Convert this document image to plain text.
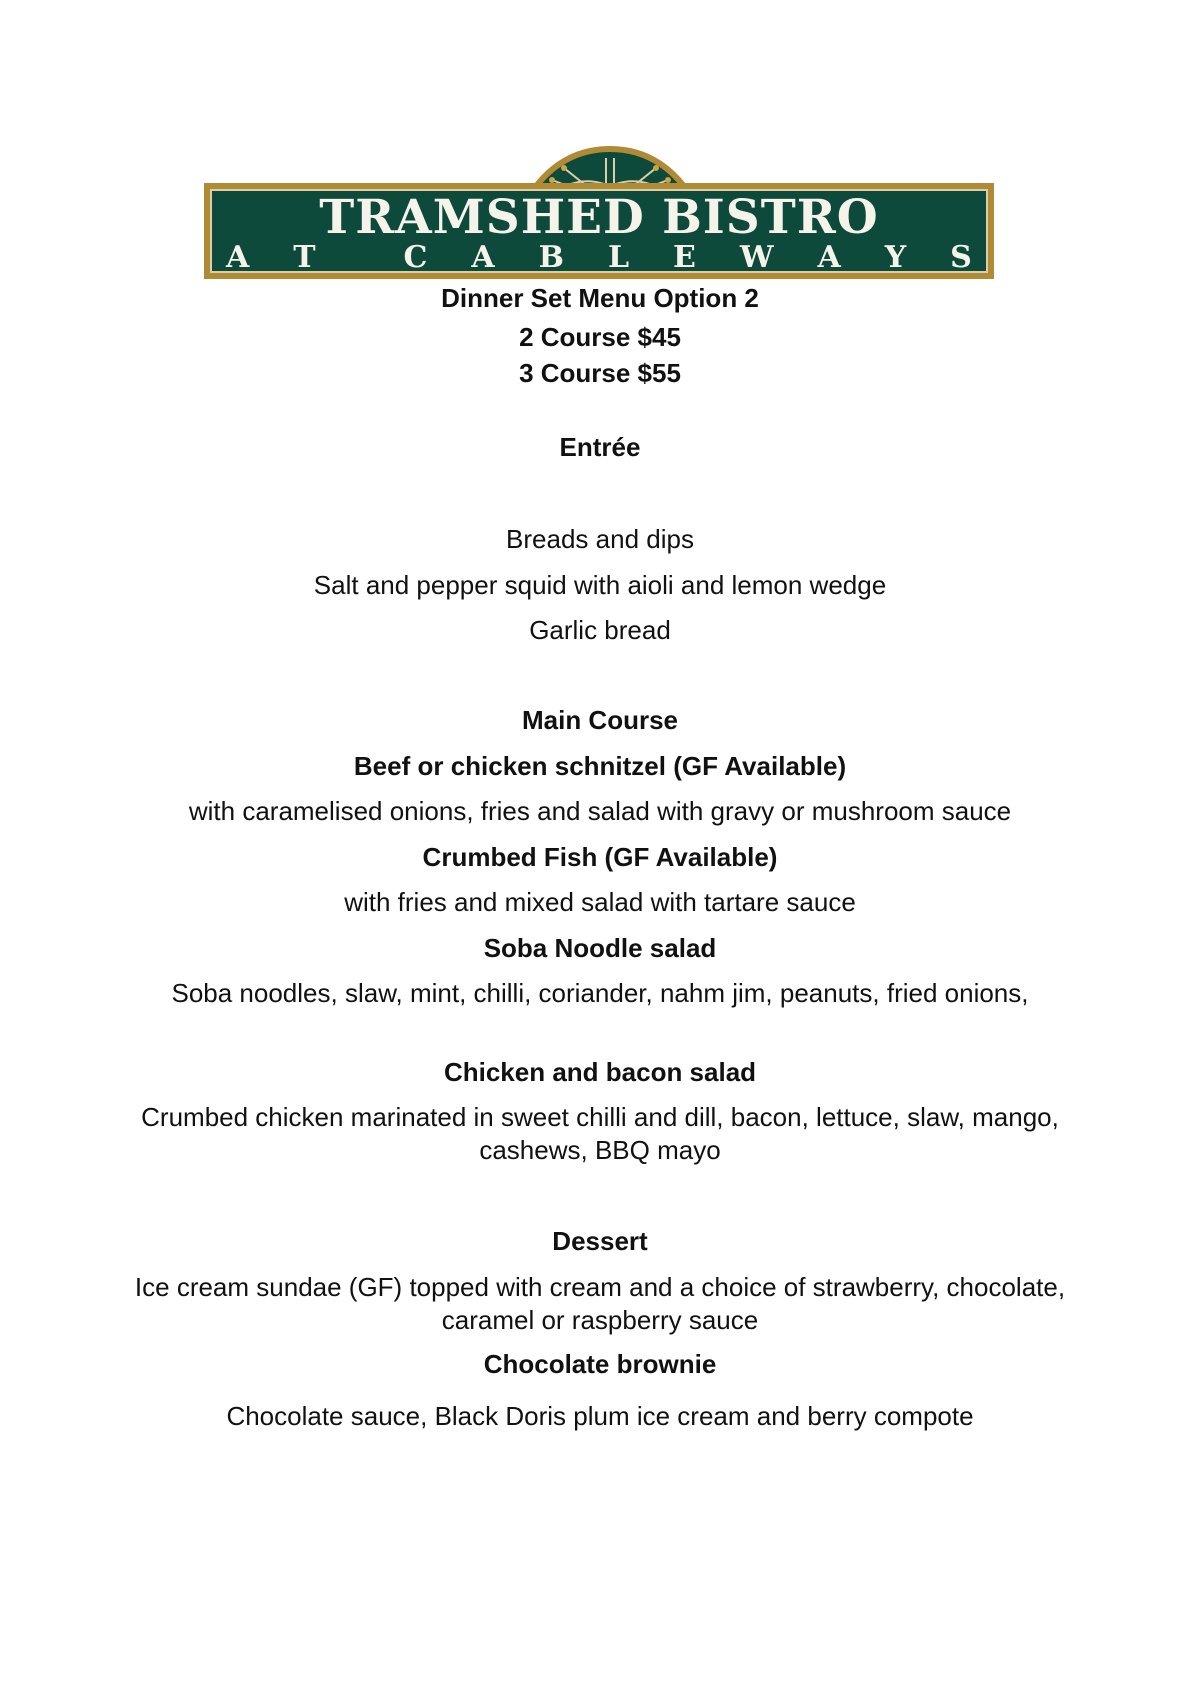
TRAMSHED BISTRO
A T	C A B L E W A Y S
Dinner Set Menu Option 2
2 Course $45
3 Course $55
Entrée
Breads and dips
Salt and pepper squid with aioli and lemon wedge
Garlic bread
Main Course
Beef or chicken schnitzel (GF Available)
with caramelised onions, fries and salad with gravy or mushroom sauce
Crumbed Fish (GF Available)
with fries and mixed salad with tartare sauce
Soba Noodle salad
Soba noodles, slaw, mint, chilli, coriander, nahm jim, peanuts, fried onions,
Chicken and bacon salad
Crumbed chicken marinated in sweet chilli and dill, bacon, lettuce, slaw, mango, cashews, BBQ mayo
Dessert
Ice cream sundae (GF) topped with cream and a choice of strawberry, chocolate, caramel or raspberry sauce
Chocolate brownie
Chocolate sauce, Black Doris plum ice cream and berry compote
